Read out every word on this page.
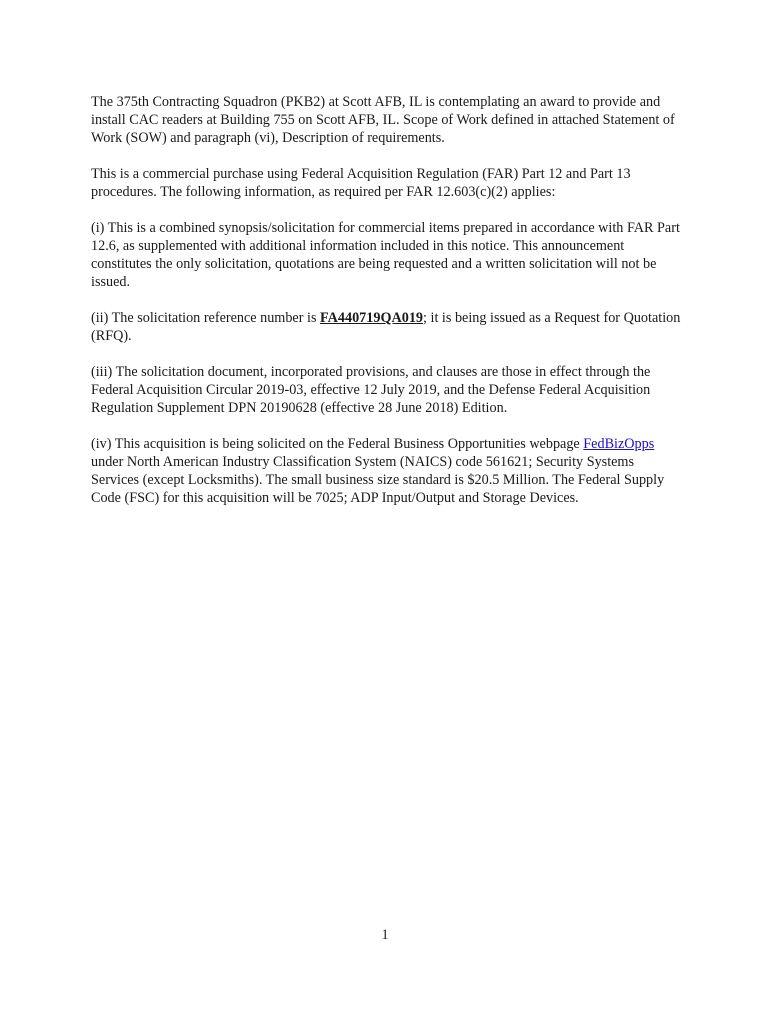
The 375th Contracting Squadron (PKB2) at Scott AFB, IL is contemplating an award to provide and install CAC readers at Building 755 on Scott AFB, IL. Scope of Work defined in attached Statement of Work (SOW) and paragraph (vi), Description of requirements.

This is a commercial purchase using Federal Acquisition Regulation (FAR) Part 12 and Part 13 procedures. The following information, as required per FAR 12.603(c)(2) applies:

(i) This is a combined synopsis/solicitation for commercial items prepared in accordance with FAR Part 12.6, as supplemented with additional information included in this notice. This announcement constitutes the only solicitation, quotations are being requested and a written solicitation will not be issued.

(ii) The solicitation reference number is FA440719QA019; it is being issued as a Request for Quotation (RFQ).

(iii) The solicitation document, incorporated provisions, and clauses are those in effect through the Federal Acquisition Circular 2019-03, effective 12 July 2019, and the Defense Federal Acquisition Regulation Supplement DPN 20190628 (effective 28 June 2018) Edition.

(iv) This acquisition is being solicited on the Federal Business Opportunities webpage FedBizOpps under North American Industry Classification System (NAICS) code 561621; Security Systems Services (except Locksmiths). The small business size standard is $20.5 Million. The Federal Supply Code (FSC) for this acquisition will be 7025; ADP Input/Output and Storage Devices.

1
